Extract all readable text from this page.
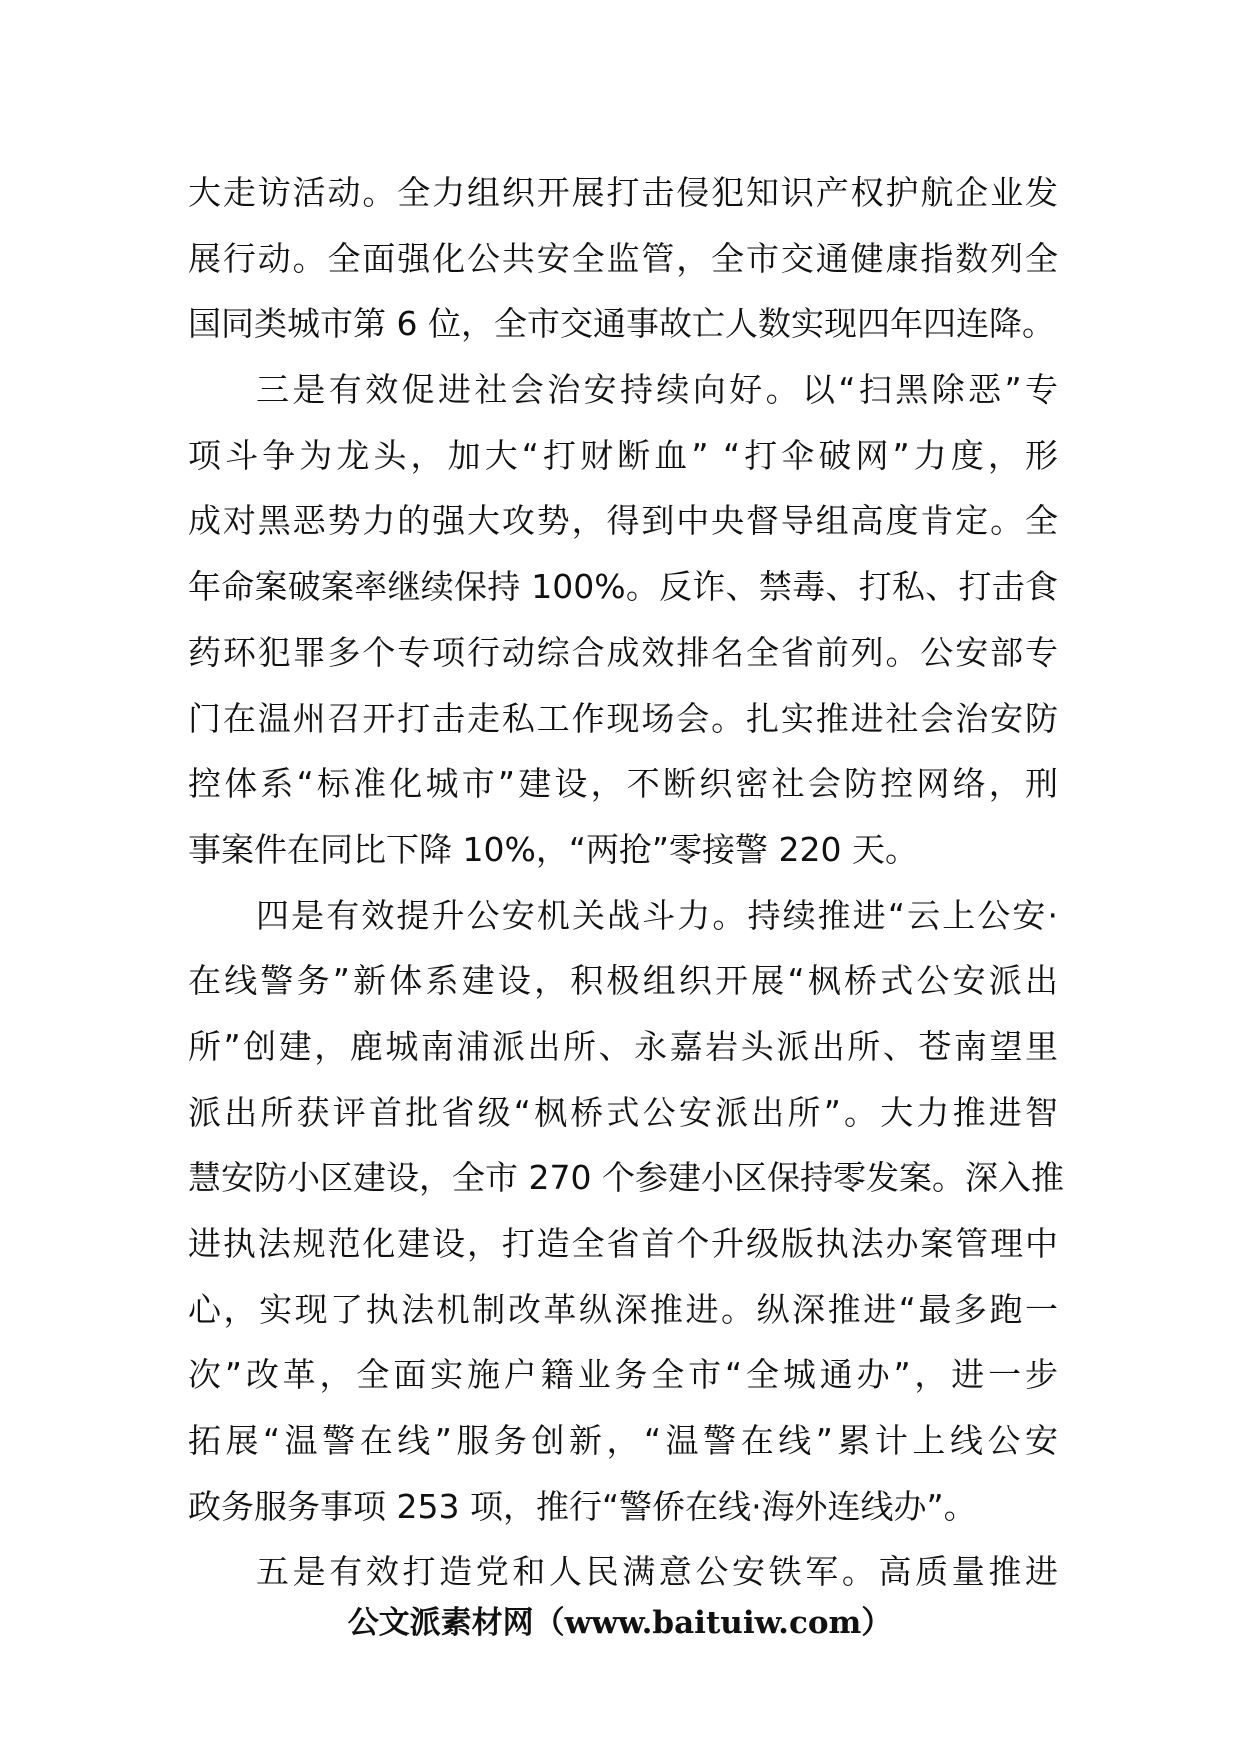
大走访活动。全力组织开展打击侵犯知识产权护航企业发
展行动。全面强化公共安全监管，全市交通健康指数列全
国同类城市第 6 位，全市交通事故亡人数实现四年四连降。
三是有效促进社会治安持续向好。以“扫黑除恶”专
项斗争为龙头，加大“打财断血” “打伞破网”力度，形
成对黑恶势力的强大攻势，得到中央督导组高度肯定。全
年命案破案率继续保持 100%。反诈、禁毒、打私、打击食
药环犯罪多个专项行动综合成效排名全省前列。公安部专
门在温州召开打击走私工作现场会。扎实推进社会治安防
控体系“标准化城市”建设，不断织密社会防控网络，刑
事案件在同比下降 10%，“两抢”零接警 220 天。
四是有效提升公安机关战斗力。持续推进“云上公安·
在线警务”新体系建设，积极组织开展“枫桥式公安派出
所”创建，鹿城南浦派出所、永嘉岩头派出所、苍南望里
派出所获评首批省级“枫桥式公安派出所”。大力推进智
慧安防小区建设，全市 270 个参建小区保持零发案。深入推
进执法规范化建设，打造全省首个升级版执法办案管理中
心，实现了执法机制改革纵深推进。纵深推进“最多跑一
次”改革，全面实施户籍业务全市“全城通办”，进一步
拓展“温警在线”服务创新，“温警在线”累计上线公安
政务服务事项 253 项，推行“警侨在线·海外连线办”。
五是有效打造党和人民满意公安铁军。高质量推进
公文派素材网（www.baituiw.com）
